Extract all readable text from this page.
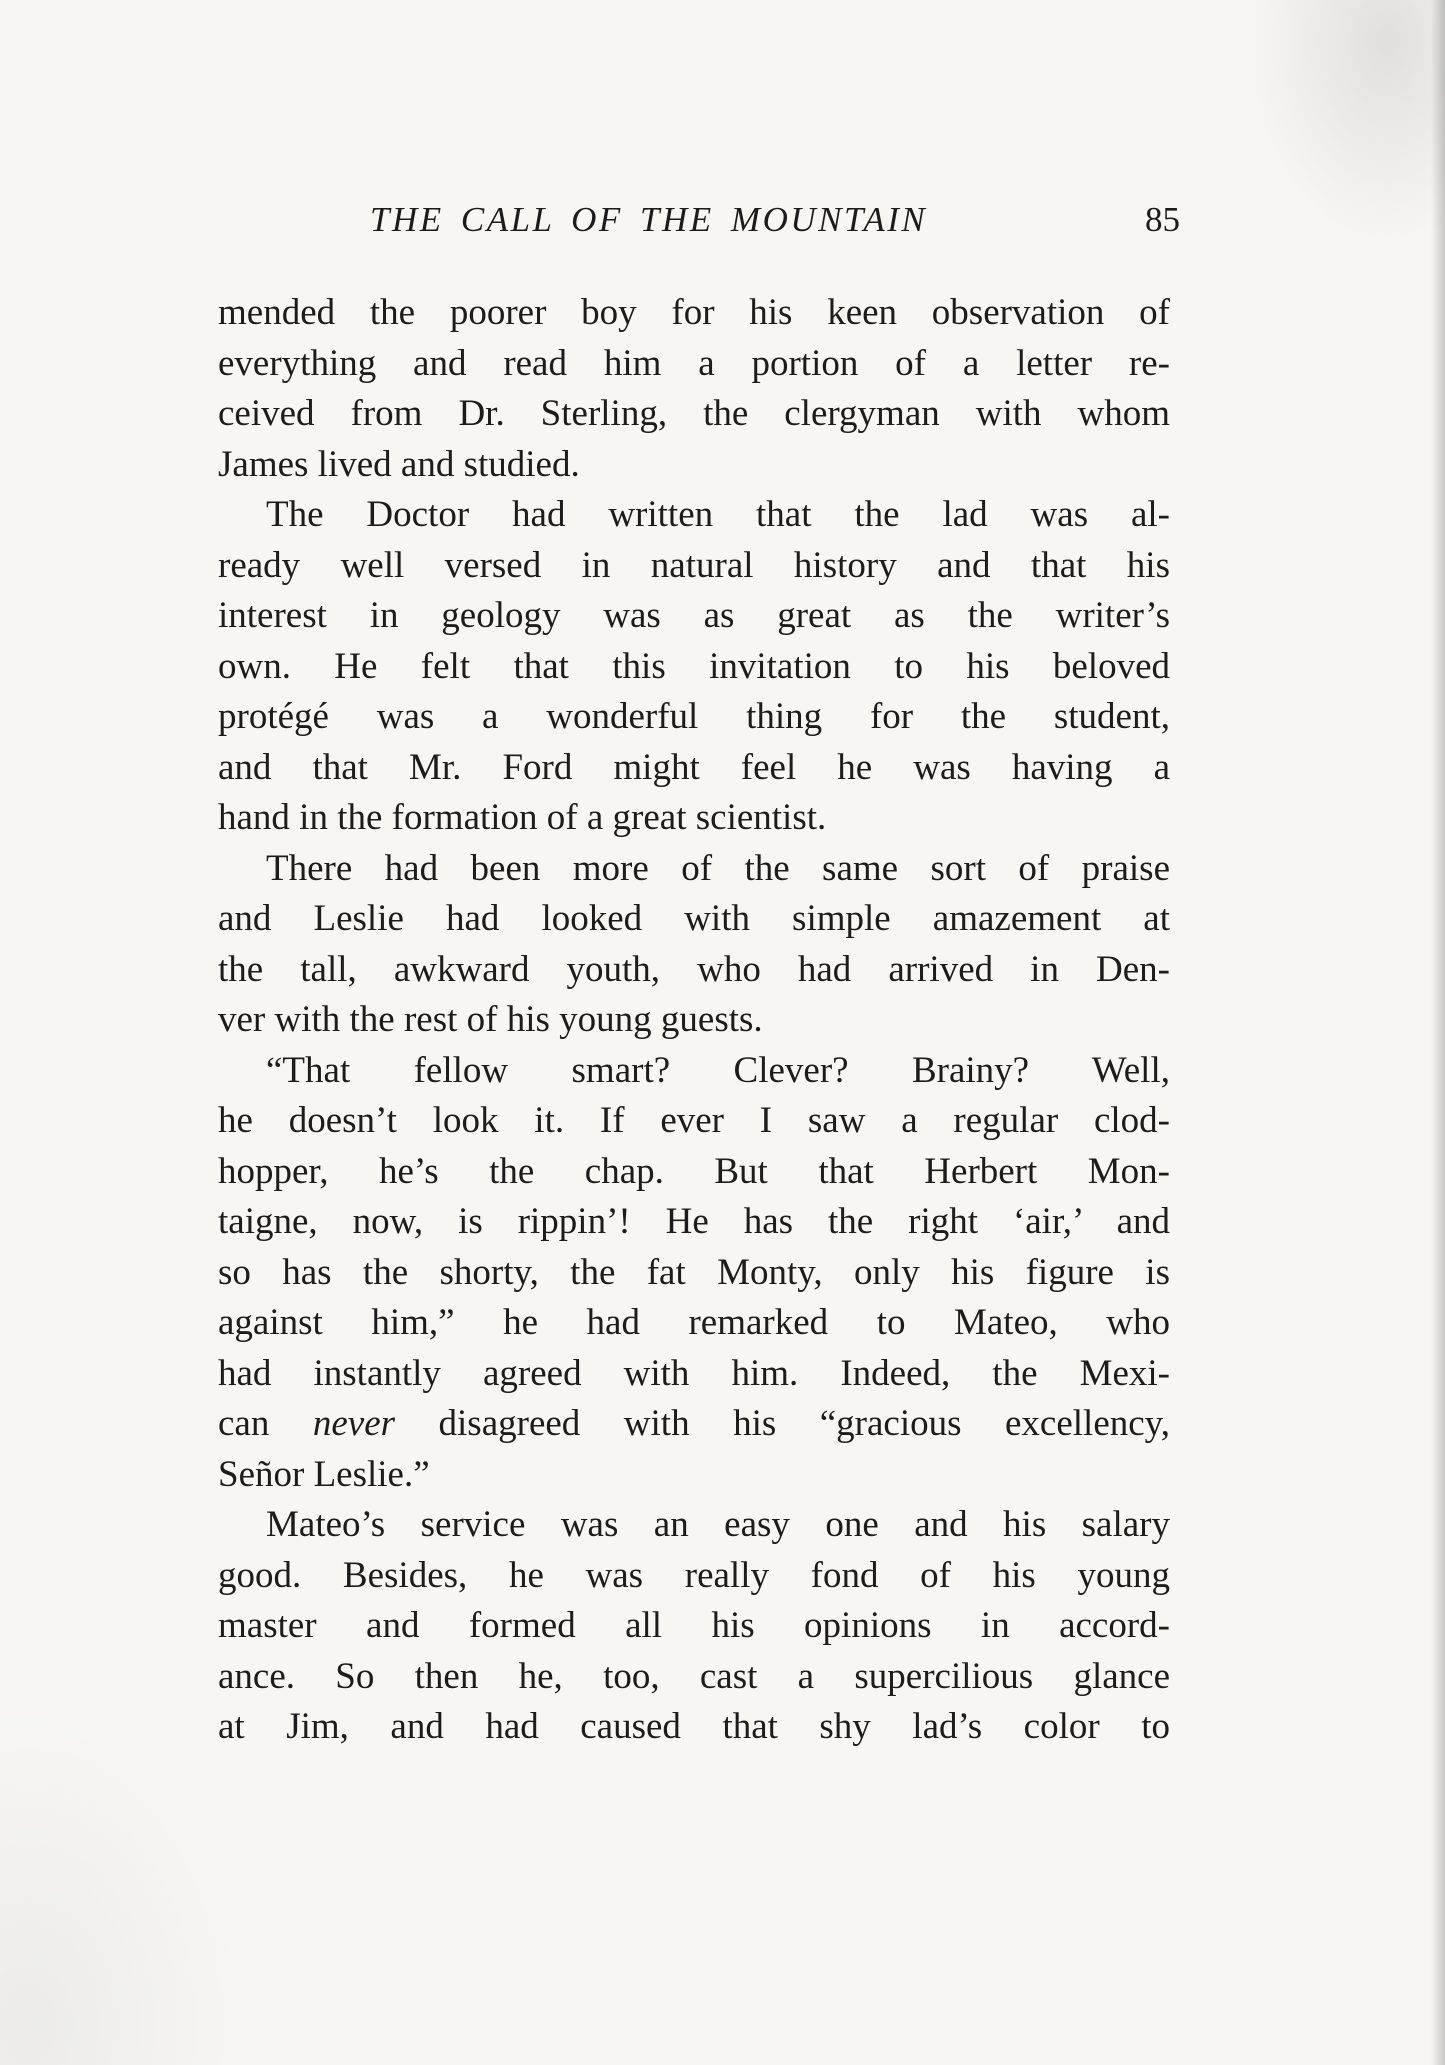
THE CALL OF THE MOUNTAIN	85
mended the poorer boy for his keen observation of
everything and read him a portion of a letter re-
ceived from Dr. Sterling, the clergyman with whom
James lived and studied.
The Doctor had written that the lad was al-
ready well versed in natural history and that his
interest in geology was as great as the writer’s
own. He felt that this invitation to his beloved
protégé was a wonderful thing for the student,
and that Mr. Ford might feel he was having a
hand in the formation of a great scientist.
There had been more of the same sort of praise
and Leslie had looked with simple amazement at
the tall, awkward youth, who had arrived in Den-
ver with the rest of his young guests.
“That fellow smart? Clever? Brainy? Well,
he doesn’t look it. If ever I saw a regular clod-
hopper, he’s the chap. But that Herbert Mon-
taigne, now, is rippin’! He has the right ‘air,’ and
so has the shorty, the fat Monty, only his figure is
against him,” he had remarked to Mateo, who
had instantly agreed with him. Indeed, the Mexi-
can never disagreed with his “gracious excellency,
Señor Leslie.”
Mateo’s service was an easy one and his salary
good. Besides, he was really fond of his young
master and formed all his opinions in accord-
ance. So then he, too, cast a supercilious glance
at Jim, and had caused that shy lad’s color to
